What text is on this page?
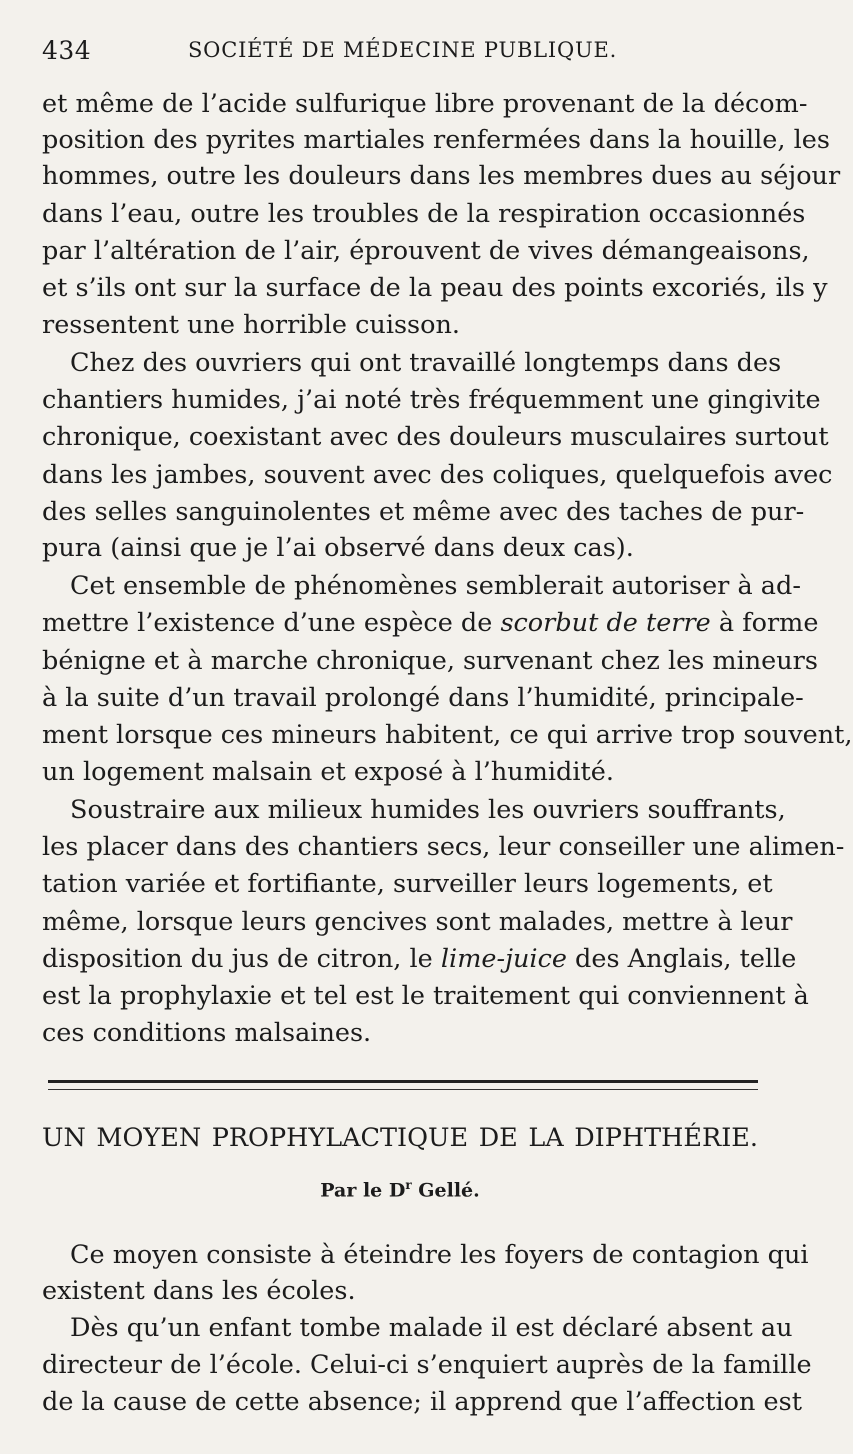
434	SOCIÉTÉ DE MÉDECINE PUBLIQUE.
et même de l’acide sulfurique libre provenant de la décom-
position des pyrites martiales renfermées dans la houille, les
hommes, outre les douleurs dans les membres dues au séjour
dans l’eau, outre les troubles de la respiration occasionnés
par l’altération de l’air, éprouvent de vives démangeaisons,
et s’ils ont sur la surface de la peau des points excoriés, ils y
ressentent une horrible cuisson.
Chez des ouvriers qui ont travaillé longtemps dans des
chantiers humides, j’ai noté très fréquemment une gingivite
chronique, coexistant avec des douleurs musculaires surtout
dans les jambes, souvent avec des coliques, quelquefois avec
des selles sanguinolentes et même avec des taches de pur-
pura (ainsi que je l’ai observé dans deux cas).
Cet ensemble de phénomènes semblerait autoriser à ad-
mettre l’existence d’une espèce de scorbut de terre à forme
bénigne et à marche chronique, survenant chez les mineurs
à la suite d’un travail prolongé dans l’humidité, principale-
ment lorsque ces mineurs habitent, ce qui arrive trop souvent,
un logement malsain et exposé à l’humidité.
Soustraire aux milieux humides les ouvriers souffrants,
les placer dans des chantiers secs, leur conseiller une alimen-
tation variée et fortifiante, surveiller leurs logements, et
même, lorsque leurs gencives sont malades, mettre à leur
disposition du jus de citron, le lime-juice des Anglais, telle
est la prophylaxie et tel est le traitement qui conviennent à
ces conditions malsaines.
UN MOYEN PROPHYLACTIQUE DE LA DIPHTHÉRIE.
Par le $D^r$ Gellé.
Ce moyen consiste à éteindre les foyers de contagion qui
existent dans les écoles.
Dès qu’un enfant tombe malade il est déclaré absent au
directeur de l’école. Celui-ci s’enquiert auprès de la famille
de la cause de cette absence; il apprend que l’affection est
